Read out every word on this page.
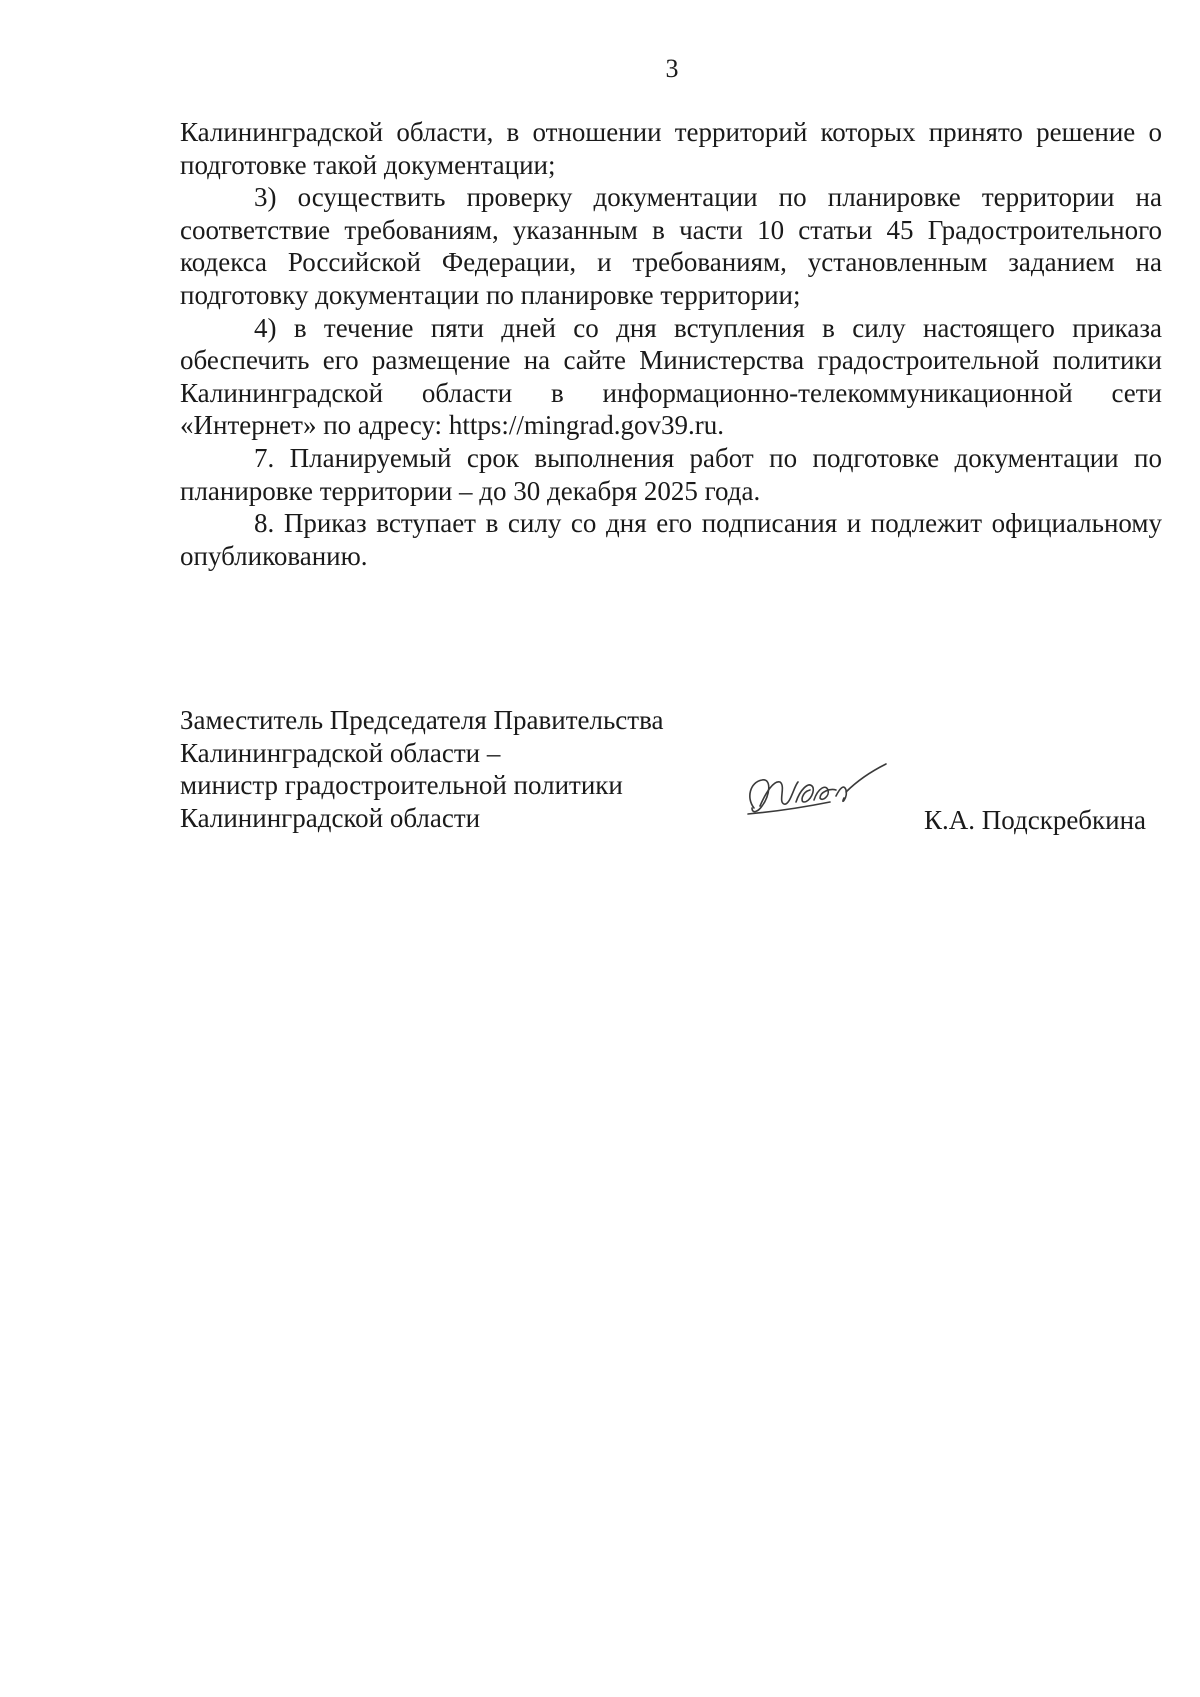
3

Калининградской области, в отношении территорий которых принято решение о подготовке такой документации;

3) осуществить проверку документации по планировке территории на соответствие требованиям, указанным в части 10 статьи 45 Градостроительного кодекса Российской Федерации, и требованиям, установленным заданием на подготовку документации по планировке территории;

4) в течение пяти дней со дня вступления в силу настоящего приказа обеспечить его размещение на сайте Министерства градостроительной политики Калининградской области в информационно-телекоммуникационной сети «Интернет» по адресу: https://mingrad.gov39.ru.

7. Планируемый срок выполнения работ по подготовке документации по планировке территории – до 30 декабря 2025 года.

8. Приказ вступает в силу со дня его подписания и подлежит официальному опубликованию.

Заместитель Председателя Правительства
Калининградской области –
министр градостроительной политики
Калининградской области	К.А. Подскребкина
